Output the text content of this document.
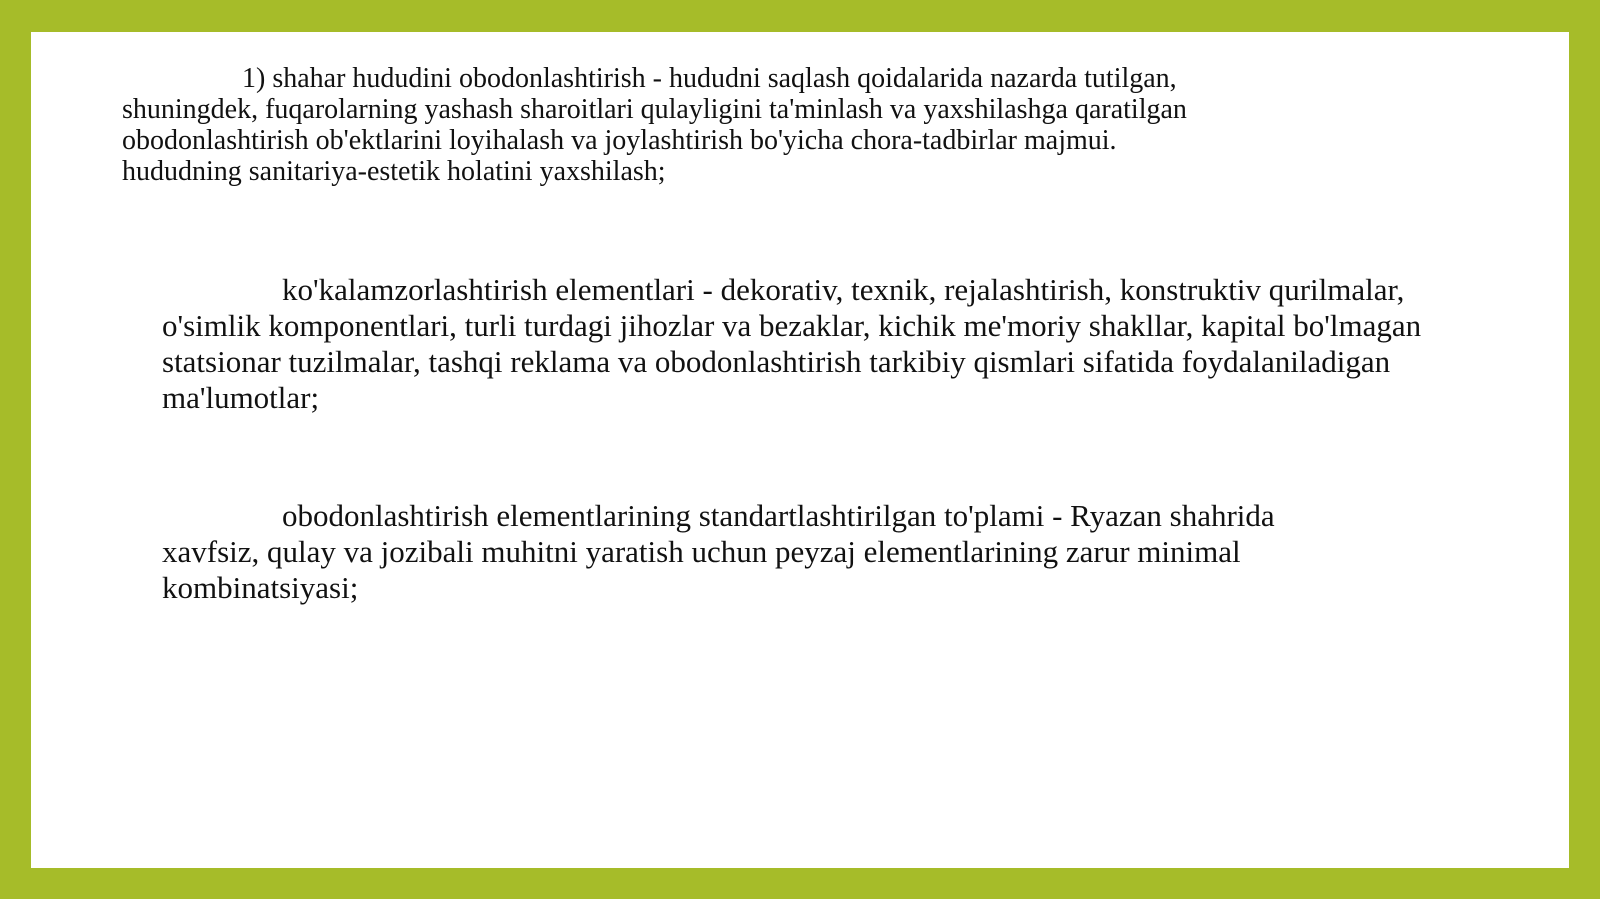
1) shahar hududini obodonlashtirish - hududni saqlash qoidalarida nazarda tutilgan, shuningdek, fuqarolarning yashash sharoitlari qulayligini ta'minlash va yaxshilashga qaratilgan obodonlashtirish ob'ektlarini loyihalash va joylashtirish bo'yicha chora-tadbirlar majmui. hududning sanitariya-estetik holatini yaxshilash;

ko'kalamzorlashtirish elementlari - dekorativ, texnik, rejalashtirish, konstruktiv qurilmalar, o'simlik komponentlari, turli turdagi jihozlar va bezaklar, kichik me'moriy shakllar, kapital bo'lmagan statsionar tuzilmalar, tashqi reklama va obodonlashtirish tarkibiy qismlari sifatida foydalaniladigan ma'lumotlar;

obodonlashtirish elementlarining standartlashtirilgan to'plami - Ryazan shahrida xavfsiz, qulay va jozibali muhitni yaratish uchun peyzaj elementlarining zarur minimal kombinatsiyasi;
